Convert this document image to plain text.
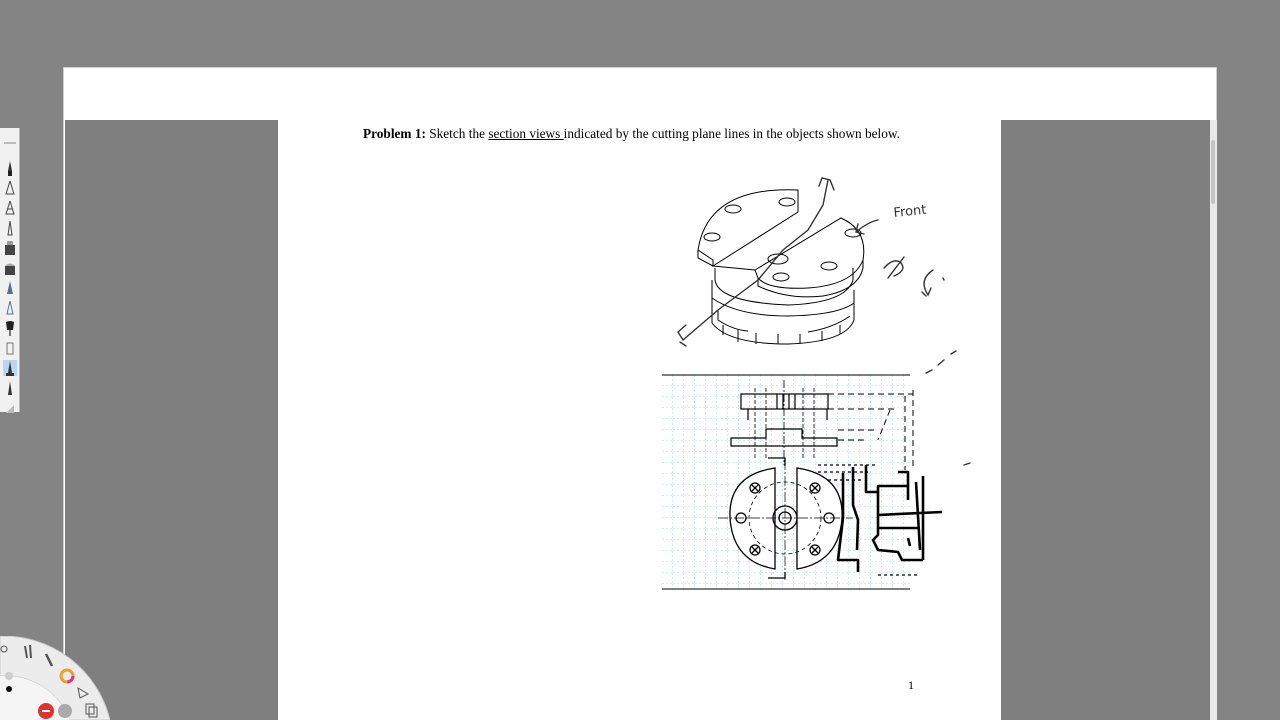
Problem 1: Sketch the section views indicated by the cutting plane lines in the objects shown below.
Front
1
